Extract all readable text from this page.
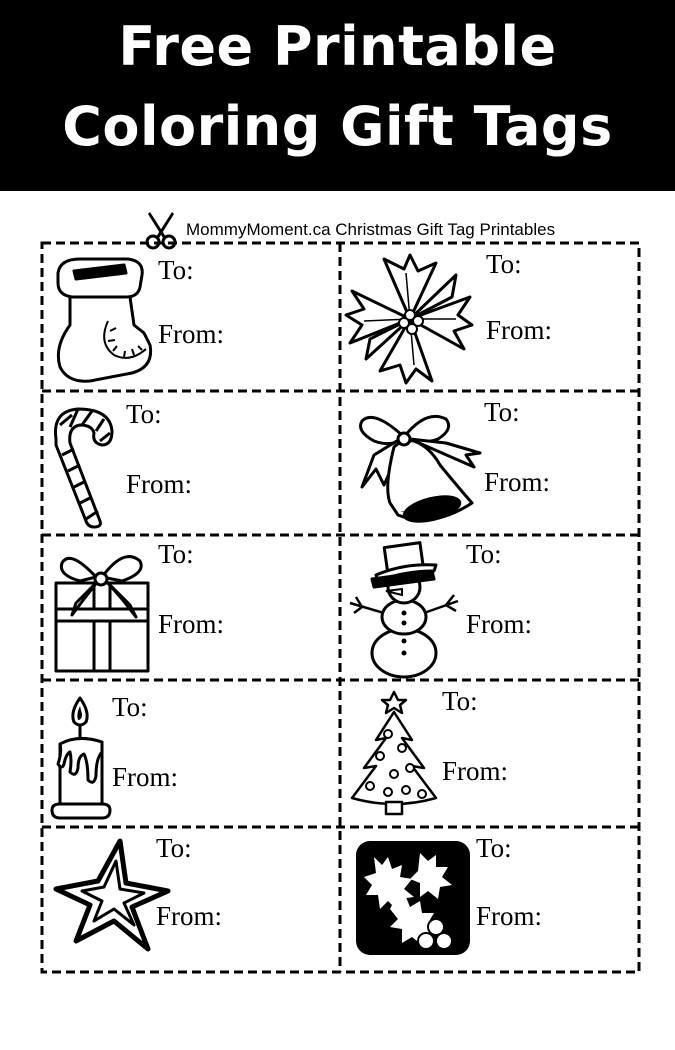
Free Printable
Coloring Gift Tags
MommyMoment.ca Christmas Gift Tag Printables
To:
From:
To:
From:
To:
From:
To:
From:
To:
From:
To:
From:
To:
From:
To:
From:
To:
From:
To:
From:
